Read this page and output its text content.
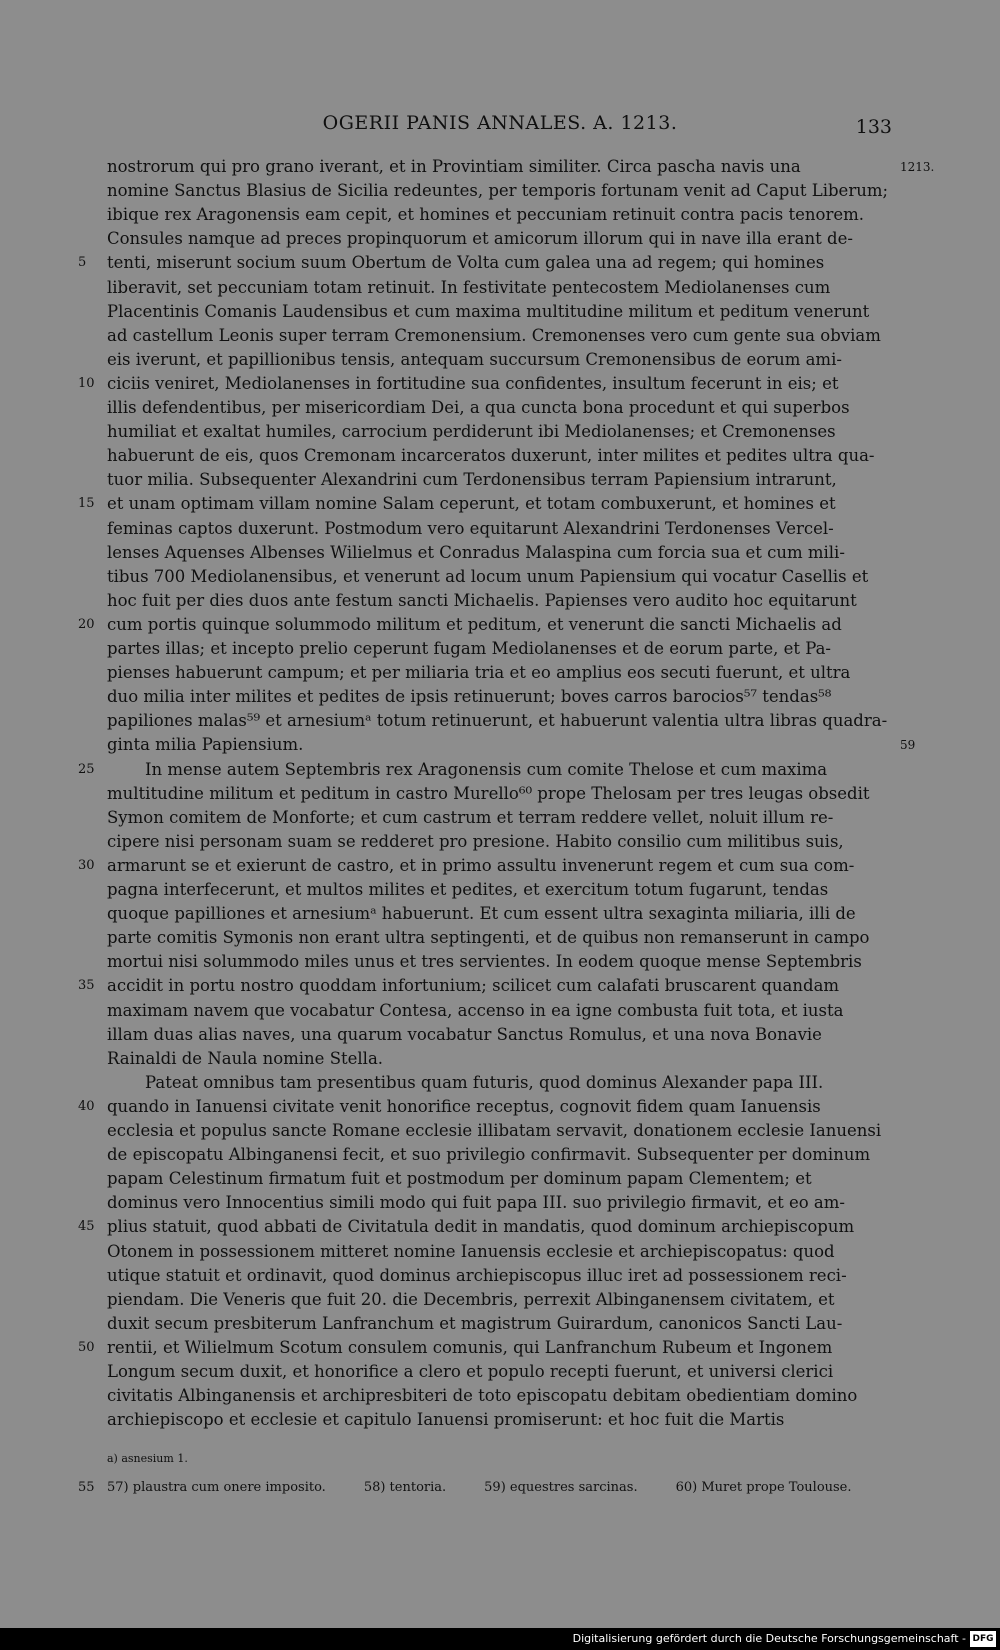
OGERII PANIS ANNALES. A. 1213.	133
nostrorum qui pro grano iverant, et in Provintiam similiter. Circa pascha navis una
nomine Sanctus Blasius de Sicilia redeuntes, per temporis fortunam venit ad Caput Liberum;
ibique rex Aragonensis eam cepit, et homines et peccuniam retinuit contra pacis tenorem.
Consules namque ad preces propinquorum et amicorum illorum qui in nave illa erant de-
tenti, miserunt socium suum Obertum de Volta cum galea una ad regem; qui homines
liberavit, set peccuniam totam retinuit. In festivitate pentecostem Mediolanenses cum
Placentinis Comanis Laudensibus et cum maxima multitudine militum et peditum venerunt
ad castellum Leonis super terram Cremonensium. Cremonenses vero cum gente sua obviam
eis iverunt, et papillionibus tensis, antequam succursum Cremonensibus de eorum ami-
ciciis veniret, Mediolanenses in fortitudine sua confidentes, insultum fecerunt in eis; et
illis defendentibus, per misericordiam Dei, a qua cuncta bona procedunt et qui superbos
humiliat et exaltat humiles, carrocium perdiderunt ibi Mediolanenses; et Cremonenses
habuerunt de eis, quos Cremonam incarceratos duxerunt, inter milites et pedites ultra qua-
tuor milia. Subsequenter Alexandrini cum Terdonensibus terram Papiensium intrarunt,
et unam optimam villam nomine Salam ceperunt, et totam combuxerunt, et homines et
feminas captos duxerunt. Postmodum vero equitarunt Alexandrini Terdonenses Vercel-
lenses Aquenses Albenses Wilielmus et Conradus Malaspina cum forcia sua et cum mili-
tibus 700 Mediolanensibus, et venerunt ad locum unum Papiensium qui vocatur Casellis et
hoc fuit per dies duos ante festum sancti Michaelis. Papienses vero audito hoc equitarunt
cum portis quinque solummodo militum et peditum, et venerunt die sancti Michaelis ad
partes illas; et incepto prelio ceperunt fugam Mediolanenses et de eorum parte, et Pa-
pienses habuerunt campum; et per miliaria tria et eo amplius eos secuti fuerunt, et ultra
duo milia inter milites et pedites de ipsis retinuerunt; boves carros barocios⁵⁷ tendas⁵⁸
papiliones malas⁵⁹ et arnesiumᵃ totum retinuerunt, et habuerunt valentia ultra libras quadra-
ginta milia Papiensium.
In mense autem Septembris rex Aragonensis cum comite Thelose et cum maxima
multitudine militum et peditum in castro Murello⁶⁰ prope Thelosam per tres leugas obsedit
Symon comitem de Monforte; et cum castrum et terram reddere vellet, noluit illum re-
cipere nisi personam suam se redderet pro presione. Habito consilio cum militibus suis,
armarunt se et exierunt de castro, et in primo assultu invenerunt regem et cum sua com-
pagna interfecerunt, et multos milites et pedites, et exercitum totum fugarunt, tendas
quoque papilliones et arnesiumᵃ habuerunt. Et cum essent ultra sexaginta miliaria, illi de
parte comitis Symonis non erant ultra septingenti, et de quibus non remanserunt in campo
mortui nisi solummodo miles unus et tres servientes. In eodem quoque mense Septembris
accidit in portu nostro quoddam infortunium; scilicet cum calafati bruscarent quandam
maximam navem que vocabatur Contesa, accenso in ea igne combusta fuit tota, et iusta
illam duas alias naves, una quarum vocabatur Sanctus Romulus, et una nova Bonavie
Rainaldi de Naula nomine Stella.
Pateat omnibus tam presentibus quam futuris, quod dominus Alexander papa III.
quando in Ianuensi civitate venit honorifice receptus, cognovit fidem quam Ianuensis
ecclesia et populus sancte Romane ecclesie illibatam servavit, donationem ecclesie Ianuensi
de episcopatu Albinganensi fecit, et suo privilegio confirmavit. Subsequenter per dominum
papam Celestinum firmatum fuit et postmodum per dominum papam Clementem; et
dominus vero Innocentius simili modo qui fuit papa III. suo privilegio firmavit, et eo am-
plius statuit, quod abbati de Civitatula dedit in mandatis, quod dominum archiepiscopum
Otonem in possessionem mitteret nomine Ianuensis ecclesie et archiepiscopatus: quod
utique statuit et ordinavit, quod dominus archiepiscopus illuc iret ad possessionem reci-
piendam. Die Veneris que fuit 20. die Decembris, perrexit Albinganensem civitatem, et
duxit secum presbiterum Lanfranchum et magistrum Guirardum, canonicos Sancti Lau-
rentii, et Wilielmum Scotum consulem comunis, qui Lanfranchum Rubeum et Ingonem
Longum secum duxit, et honorifice a clero et populo recepti fuerunt, et universi clerici
civitatis Albinganensis et archipresbiteri de toto episcopatu debitam obedientiam domino
archiepiscopo et ecclesie et capitulo Ianuensi promiserunt: et hoc fuit die Martis
5
10
15
20
25
30
35
40
45
50
1213.
59
a) asnesium 1.
55 57) plaustra cum onere imposito.	58) tentoria.	59) equestres sarcinas.	60) Muret prope Toulouse.
Digitalisierung gefördert durch die Deutsche Forschungsgemeinschaft - DFG
